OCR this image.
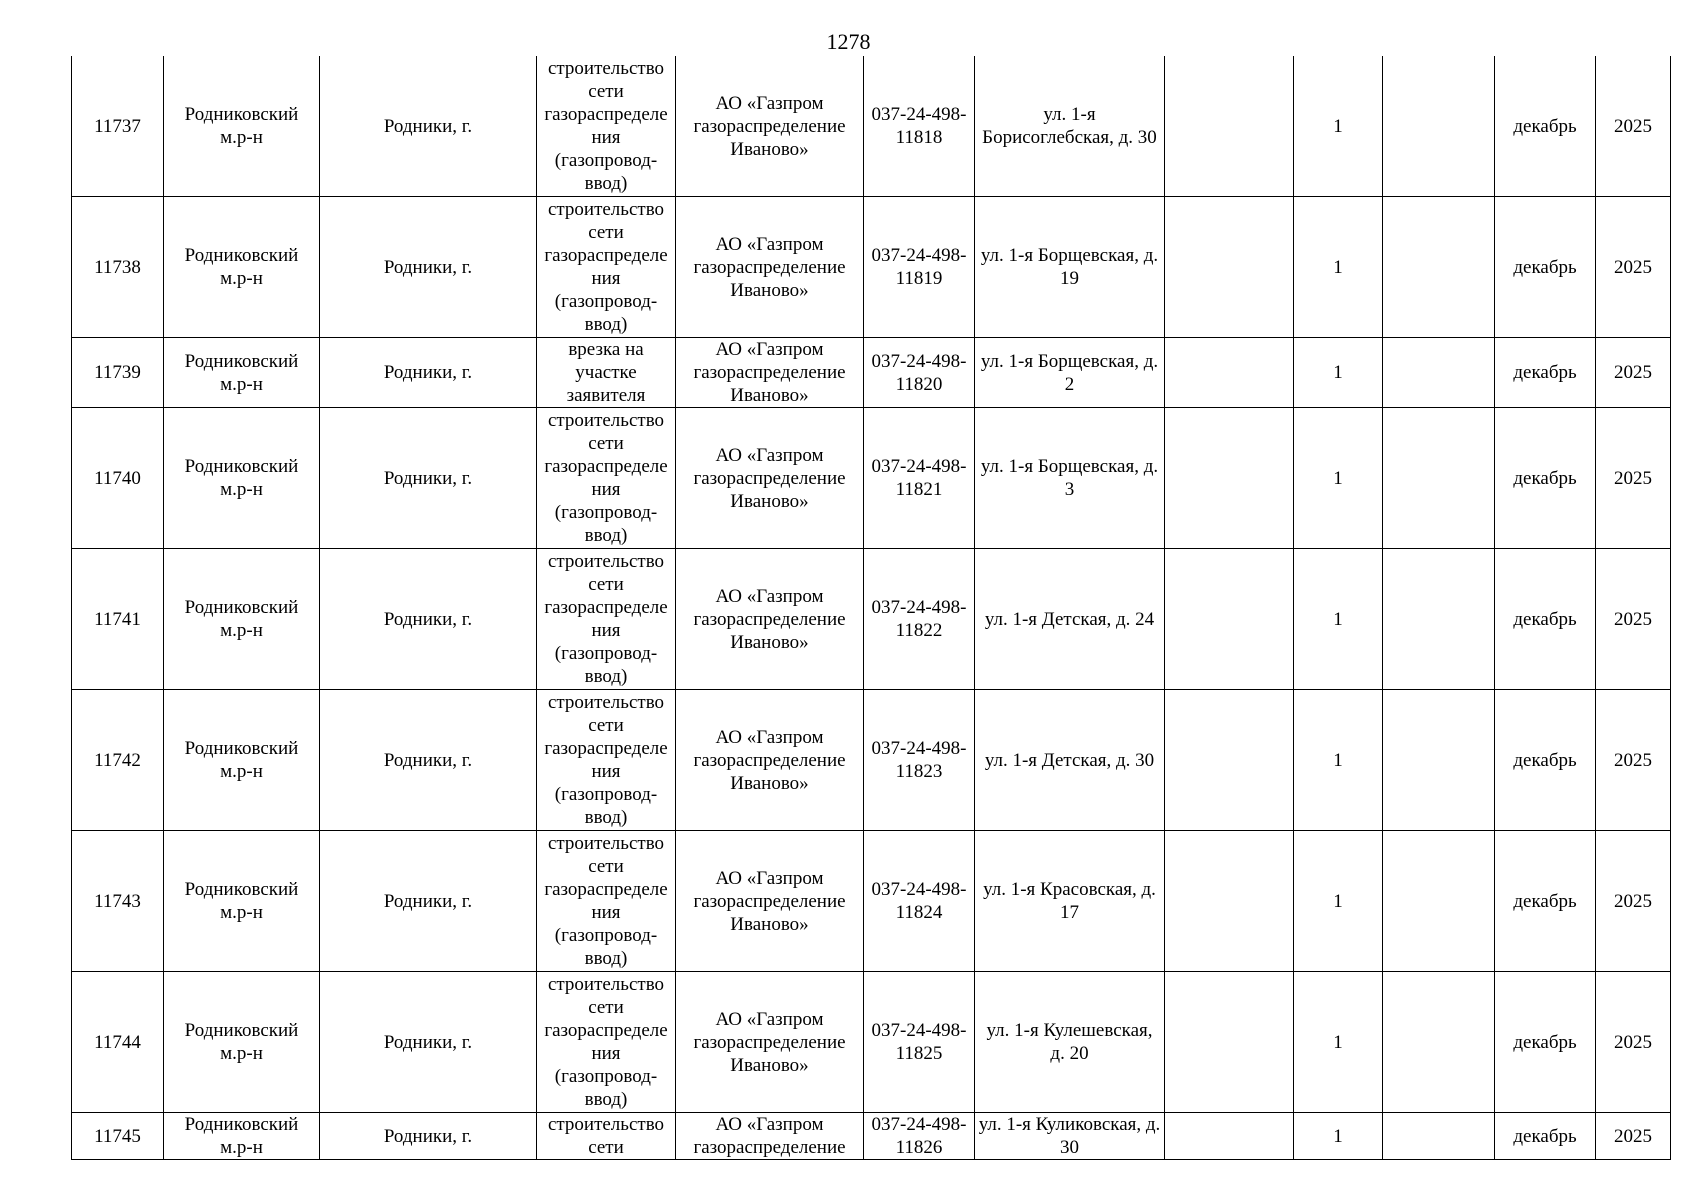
1278
11737	Родниковский м.р-н	Родники, г.	строительство сети газораспределения (газопровод-ввод)	АО «Газпром газораспределение Иваново»	037-24-498-11818	ул. 1-я Борисоглебская, д. 30		1		декабрь	2025
11738	Родниковский м.р-н	Родники, г.	строительство сети газораспределения (газопровод-ввод)	АО «Газпром газораспределение Иваново»	037-24-498-11819	ул. 1-я Борщевская, д. 19		1		декабрь	2025
11739	Родниковский м.р-н	Родники, г.	врезка на участке заявителя	АО «Газпром газораспределение Иваново»	037-24-498-11820	ул. 1-я Борщевская, д. 2		1		декабрь	2025
11740	Родниковский м.р-н	Родники, г.	строительство сети газораспределения (газопровод-ввод)	АО «Газпром газораспределение Иваново»	037-24-498-11821	ул. 1-я Борщевская, д. 3		1		декабрь	2025
11741	Родниковский м.р-н	Родники, г.	строительство сети газораспределения (газопровод-ввод)	АО «Газпром газораспределение Иваново»	037-24-498-11822	ул. 1-я Детская, д. 24		1		декабрь	2025
11742	Родниковский м.р-н	Родники, г.	строительство сети газораспределения (газопровод-ввод)	АО «Газпром газораспределение Иваново»	037-24-498-11823	ул. 1-я Детская, д. 30		1		декабрь	2025
11743	Родниковский м.р-н	Родники, г.	строительство сети газораспределения (газопровод-ввод)	АО «Газпром газораспределение Иваново»	037-24-498-11824	ул. 1-я Красовская, д. 17		1		декабрь	2025
11744	Родниковский м.р-н	Родники, г.	строительство сети газораспределения (газопровод-ввод)	АО «Газпром газораспределение Иваново»	037-24-498-11825	ул. 1-я Кулешевская, д. 20		1		декабрь	2025
11745	Родниковский м.р-н	Родники, г.	строительство сети	АО «Газпром газораспределение	037-24-498-11826	ул. 1-я Куликовская, д. 30		1		декабрь	2025
